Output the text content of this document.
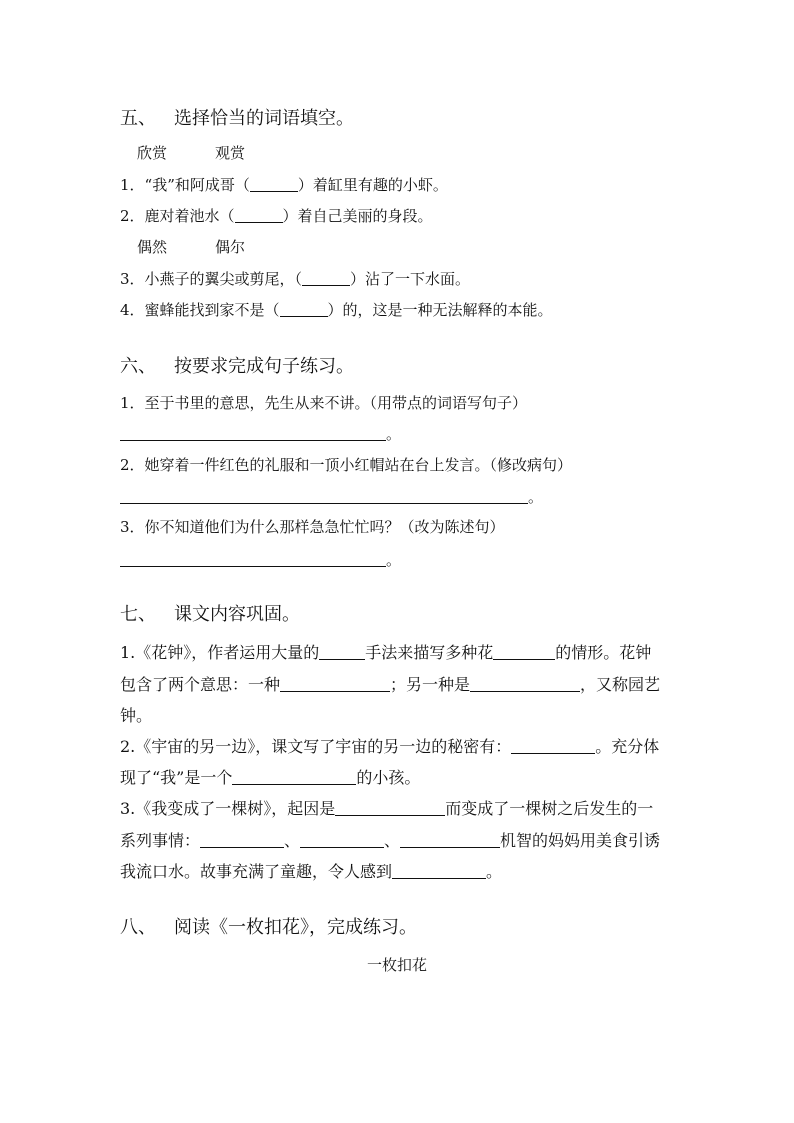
五、 选择恰当的词语填空。
欣赏	观赏
1．“我”和阿成哥（	）着缸里有趣的小虾。
2．鹿对着池水（	）着自己美丽的身段。
偶然	偶尔
3．小燕子的翼尖或剪尾，（	）沾了一下水面。
4．蜜蜂能找到家不是（	）的，这是一种无法解释的本能。
六、 按要求完成句子练习。
1．至于书里的意思，先生从来不讲。（用带点的词语写句子）
。
2．她穿着一件红色的礼服和一顶小红帽站在台上发言。（修改病句）
。
3．你不知道他们为什么那样急急忙忙吗？（改为陈述句）
。
七、 课文内容巩固。
1.《花钟》，作者运用大量的	手法来描写多种花	的情形。花钟
包含了两个意思：一种	；另一种是	，又称园艺
钟。
2.《宇宙的另一边》，课文写了宇宙的另一边的秘密有：	。充分体
现了“我”是一个	的小孩。
3.《我变成了一棵树》，起因是	而变成了一棵树之后发生的一
系列事情：	、	、	机智的妈妈用美食引诱
我流口水。故事充满了童趣，令人感到	。
八、 阅读《一枚扣花》，完成练习。
一枚扣花
